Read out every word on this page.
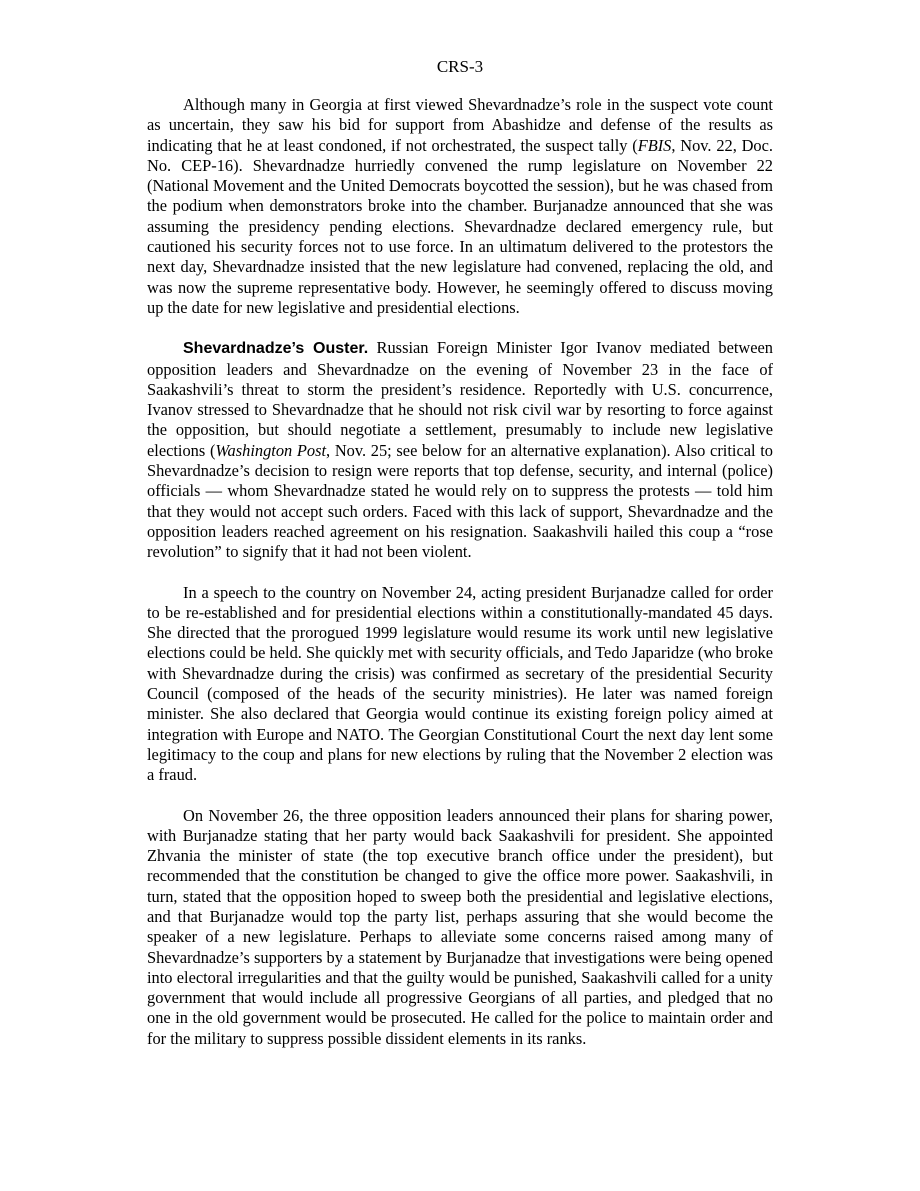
CRS-3

Although many in Georgia at first viewed Shevardnadze’s role in the suspect vote count as uncertain, they saw his bid for support from Abashidze and defense of the results as indicating that he at least condoned, if not orchestrated, the suspect tally (FBIS, Nov. 22, Doc. No. CEP-16). Shevardnadze hurriedly convened the rump legislature on November 22 (National Movement and the United Democrats boycotted the session), but he was chased from the podium when demonstrators broke into the chamber. Burjanadze announced that she was assuming the presidency pending elections. Shevardnadze declared emergency rule, but cautioned his security forces not to use force. In an ultimatum delivered to the protestors the next day, Shevardnadze insisted that the new legislature had convened, replacing the old, and was now the supreme representative body. However, he seemingly offered to discuss moving up the date for new legislative and presidential elections.

Shevardnadze’s Ouster. Russian Foreign Minister Igor Ivanov mediated between opposition leaders and Shevardnadze on the evening of November 23 in the face of Saakashvili’s threat to storm the president’s residence. Reportedly with U.S. concurrence, Ivanov stressed to Shevardnadze that he should not risk civil war by resorting to force against the opposition, but should negotiate a settlement, presumably to include new legislative elections (Washington Post, Nov. 25; see below for an alternative explanation). Also critical to Shevardnadze’s decision to resign were reports that top defense, security, and internal (police) officials — whom Shevardnadze stated he would rely on to suppress the protests — told him that they would not accept such orders. Faced with this lack of support, Shevardnadze and the opposition leaders reached agreement on his resignation. Saakashvili hailed this coup a “rose revolution” to signify that it had not been violent.

In a speech to the country on November 24, acting president Burjanadze called for order to be re-established and for presidential elections within a constitutionally-mandated 45 days. She directed that the prorogued 1999 legislature would resume its work until new legislative elections could be held. She quickly met with security officials, and Tedo Japaridze (who broke with Shevardnadze during the crisis) was confirmed as secretary of the presidential Security Council (composed of the heads of the security ministries). He later was named foreign minister. She also declared that Georgia would continue its existing foreign policy aimed at integration with Europe and NATO. The Georgian Constitutional Court the next day lent some legitimacy to the coup and plans for new elections by ruling that the November 2 election was a fraud.

On November 26, the three opposition leaders announced their plans for sharing power, with Burjanadze stating that her party would back Saakashvili for president. She appointed Zhvania the minister of state (the top executive branch office under the president), but recommended that the constitution be changed to give the office more power. Saakashvili, in turn, stated that the opposition hoped to sweep both the presidential and legislative elections, and that Burjanadze would top the party list, perhaps assuring that she would become the speaker of a new legislature. Perhaps to alleviate some concerns raised among many of Shevardnadze’s supporters by a statement by Burjanadze that investigations were being opened into electoral irregularities and that the guilty would be punished, Saakashvili called for a unity government that would include all progressive Georgians of all parties, and pledged that no one in the old government would be prosecuted. He called for the police to maintain order and for the military to suppress possible dissident elements in its ranks.
